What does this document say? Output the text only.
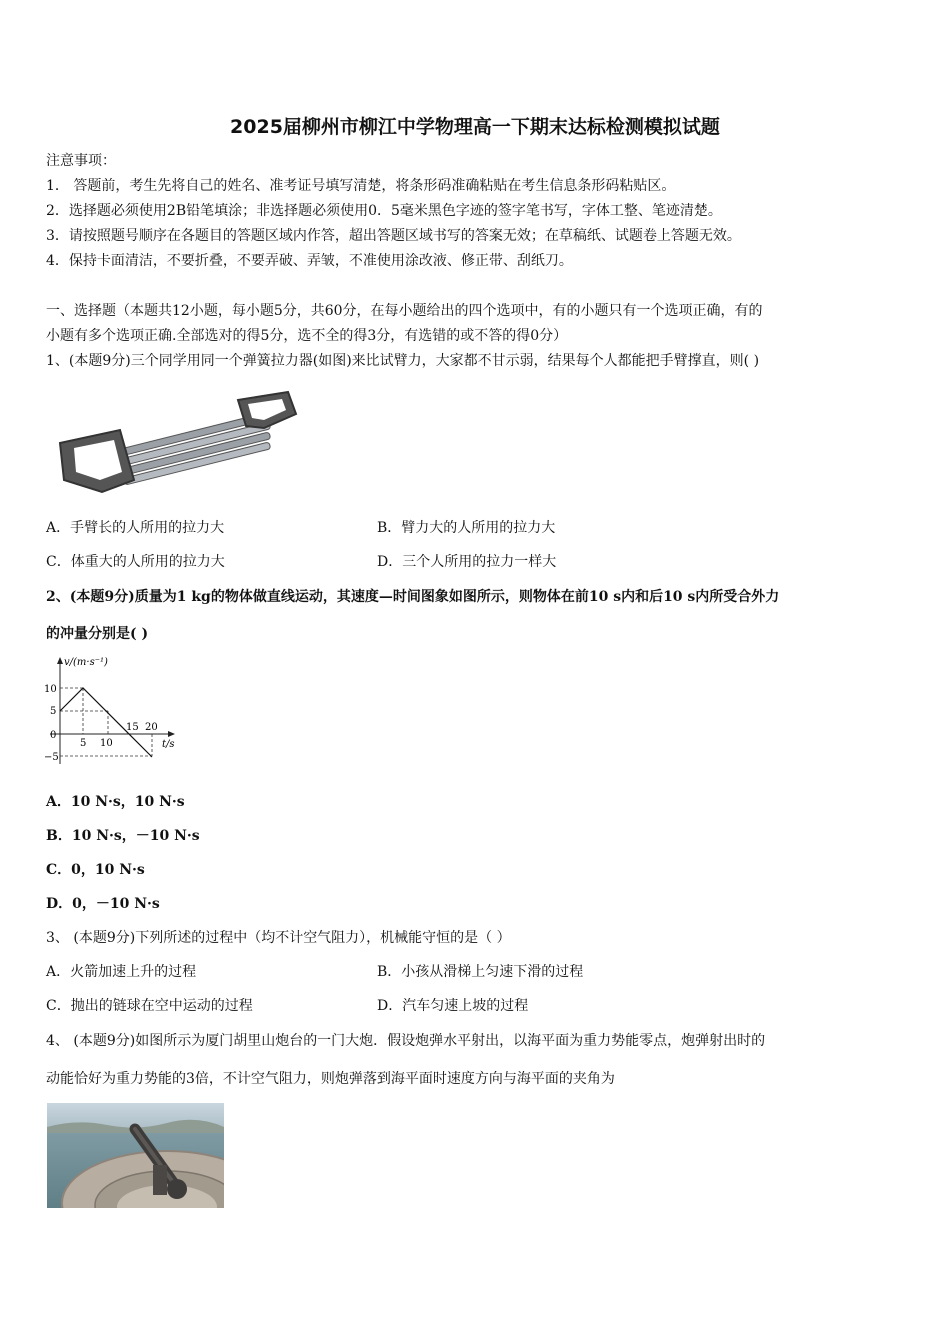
2025届柳州市柳江中学物理高一下期末达标检测模拟试题
注意事项：
1． 答题前，考生先将自己的姓名、准考证号填写清楚，将条形码准确粘贴在考生信息条形码粘贴区。
2．选择题必须使用2B铅笔填涂；非选择题必须使用0．5毫米黑色字迹的签字笔书写，字体工整、笔迹清楚。
3．请按照题号顺序在各题目的答题区域内作答，超出答题区域书写的答案无效；在草稿纸、试题卷上答题无效。
4．保持卡面清洁，不要折叠，不要弄破、弄皱，不准使用涂改液、修正带、刮纸刀。
一、选择题（本题共12小题，每小题5分，共60分，在每小题给出的四个选项中，有的小题只有一个选项正确，有的
小题有多个选项正确.全部选对的得5分，选不全的得3分，有选错的或不答的得0分）
1、(本题9分)三个同学用同一个弹簧拉力器(如图)来比试臂力，大家都不甘示弱，结果每个人都能把手臂撑直，则( )
A．手臂长的人所用的拉力大	B．臂力大的人所用的拉力大
C．体重大的人所用的拉力大	D．三个人所用的拉力一样大
2、(本题9分)质量为1 kg的物体做直线运动，其速度—时间图象如图所示，则物体在前10 s内和后10 s内所受合外力
的冲量分别是( )
v/(m·s⁻¹)
t/s
10
5
0
−5
5 10
15 20
A．10 N·s，10 N·s
B．10 N·s，－10 N·s
C．0，10 N·s
D．0，－10 N·s
3、 (本题9分)下列所述的过程中（均不计空气阻力），机械能守恒的是（ ）
A．火箭加速上升的过程	B．小孩从滑梯上匀速下滑的过程
C．抛出的链球在空中运动的过程	D．汽车匀速上坡的过程
4、 (本题9分)如图所示为厦门胡里山炮台的一门大炮．假设炮弹水平射出，以海平面为重力势能零点，炮弹射出时的
动能恰好为重力势能的3倍，不计空气阻力，则炮弹落到海平面时速度方向与海平面的夹角为
